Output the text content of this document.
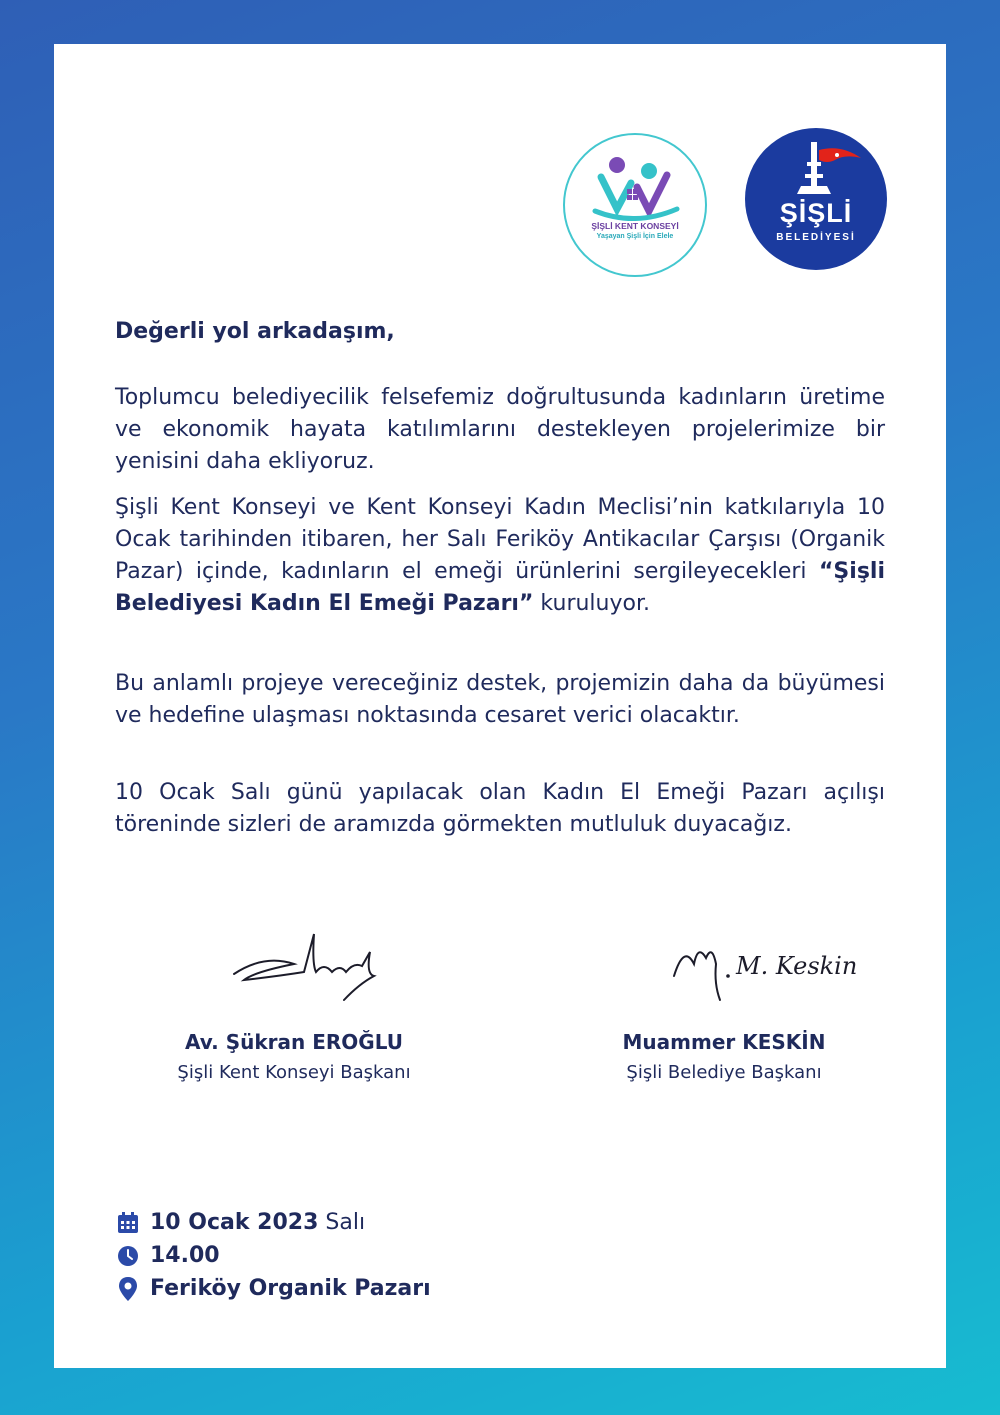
ŞİŞLİ KENT KONSEYİ
Yaşayan Şişli İçin Elele
ŞİŞLİ
BELEDİYESİ
Değerli yol arkadaşım,
Toplumcu belediyecilik felsefemiz doğrultusunda kadınların üretime ve ekonomik hayata katılımlarını destekleyen projelerimize bir yenisini daha ekliyoruz.
Şişli Kent Konseyi ve Kent Konseyi Kadın Meclisi’nin katkılarıyla 10 Ocak tarihinden itibaren, her Salı Feriköy Antikacılar Çarşısı (Organik Pazar) içinde, kadınların el emeği ürünlerini sergileyecekleri “Şişli Belediyesi Kadın El Emeği Pazarı” kuruluyor.
Bu anlamlı projeye vereceğiniz destek, projemizin daha da büyümesi ve hedefine ulaşması noktasında cesaret verici olacaktır.
10 Ocak Salı günü yapılacak olan Kadın El Emeği Pazarı açılışı töreninde sizleri de aramızda görmekten mutluluk duyacağız.
Av. Şükran EROĞLU
Şişli Kent Konseyi Başkanı
M. Keskin
Muammer KESKİN
Şişli Belediye Başkanı
10 Ocak 2023 Salı
14.00
Feriköy Organik Pazarı
